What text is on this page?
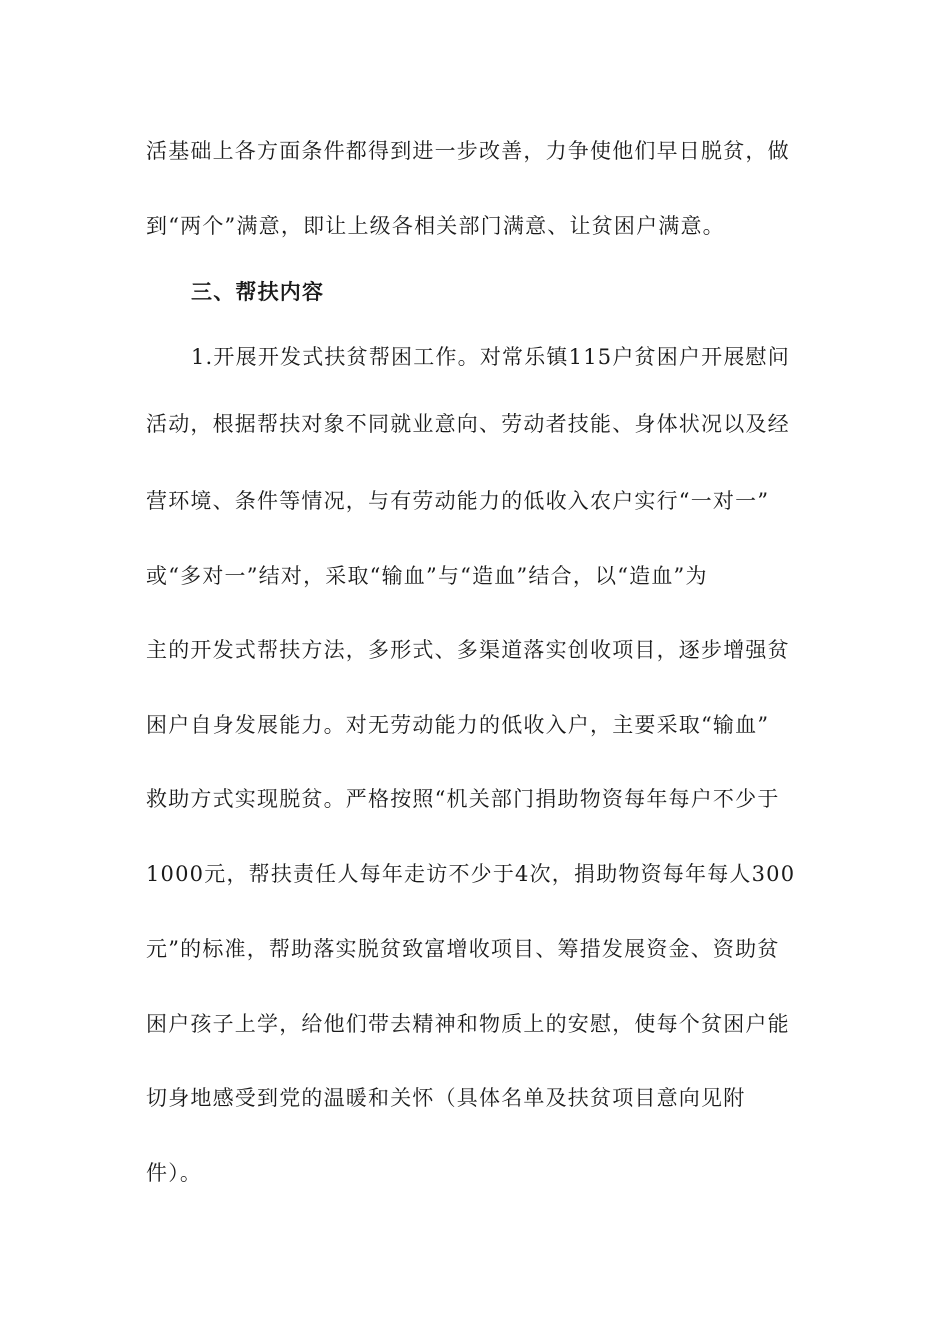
活基础上各方面条件都得到进一步改善，力争使他们早日脱贫，做
到“两个”满意，即让上级各相关部门满意、让贫困户满意。
三、帮扶内容
1.开展开发式扶贫帮困工作。对常乐镇115户贫困户开展慰问
活动，根据帮扶对象不同就业意向、劳动者技能、身体状况以及经
营环境、条件等情况，与有劳动能力的低收入农户实行“一对一”
或“多对一”结对，采取“输血”与“造血”结合，以“造血”为
主的开发式帮扶方法，多形式、多渠道落实创收项目，逐步增强贫
困户自身发展能力。对无劳动能力的低收入户，主要采取“输血”
救助方式实现脱贫。严格按照“机关部门捐助物资每年每户不少于
1000元，帮扶责任人每年走访不少于4次，捐助物资每年每人300
元”的标准，帮助落实脱贫致富增收项目、筹措发展资金、资助贫
困户孩子上学，给他们带去精神和物质上的安慰，使每个贫困户能
切身地感受到党的温暖和关怀（具体名单及扶贫项目意向见附
件）。
